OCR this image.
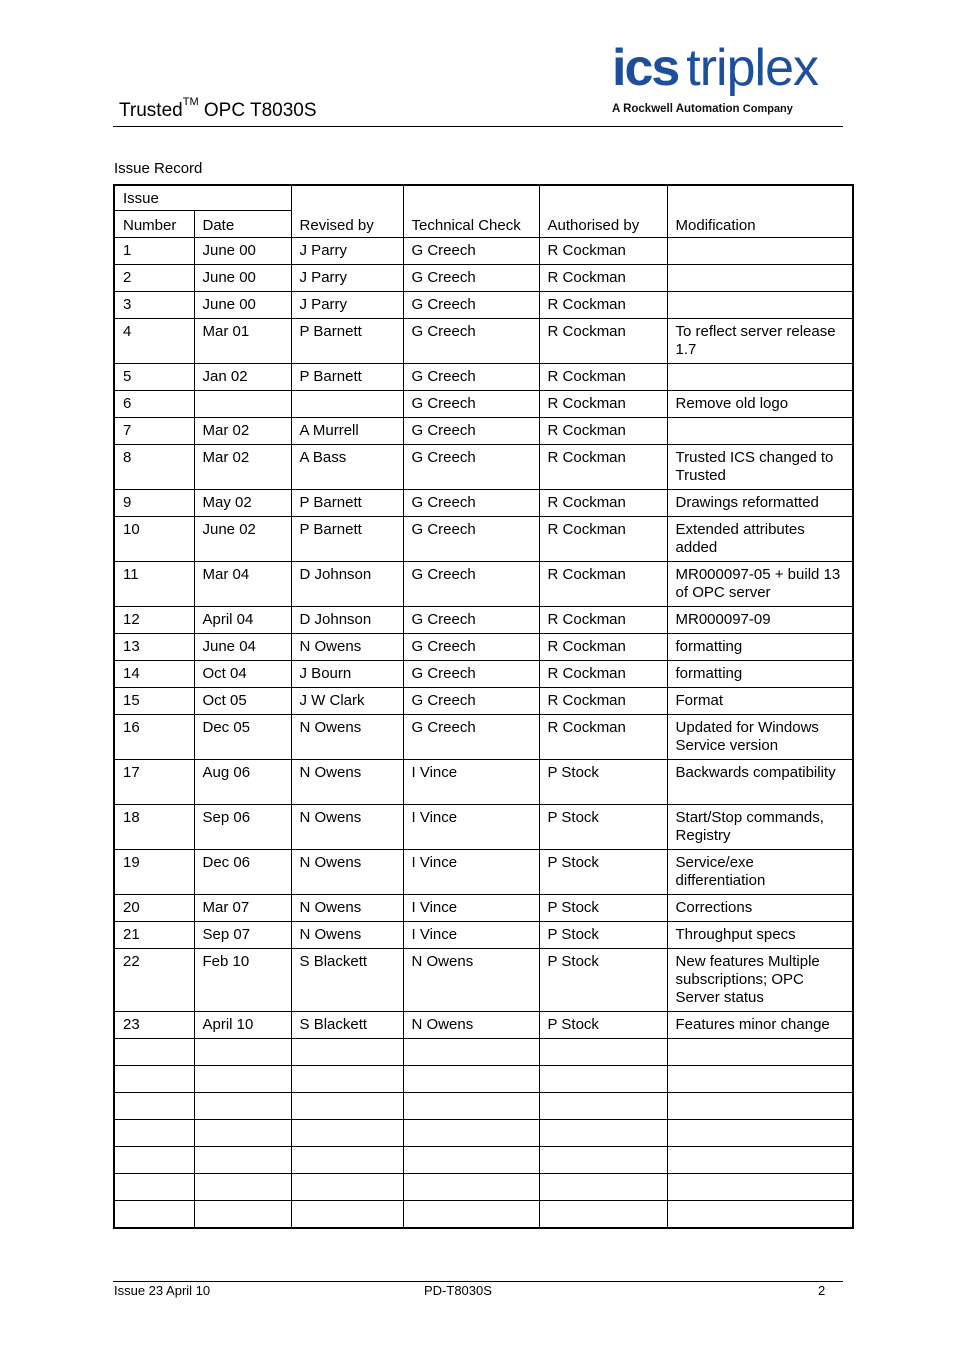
Trusted™ OPC T8030S
ics triplex
A Rockwell Automation Company
Issue Record
Issue		Revised by	Technical Check	Authorised by	Modification
Number	Date				
1	June 00	J Parry	G Creech	R Cockman	
2	June 00	J Parry	G Creech	R Cockman	
3	June 00	J Parry	G Creech	R Cockman	
4	Mar 01	P Barnett	G Creech	R Cockman	To reflect server release 1.7
5	Jan 02	P Barnett	G Creech	R Cockman	
6			G Creech	R Cockman	Remove old logo
7	Mar 02	A Murrell	G Creech	R Cockman	
8	Mar 02	A Bass	G Creech	R Cockman	Trusted ICS changed to Trusted
9	May 02	P Barnett	G Creech	R Cockman	Drawings reformatted
10	June 02	P Barnett	G Creech	R Cockman	Extended attributes added
11	Mar 04	D Johnson	G Creech	R Cockman	MR000097-05 + build 13 of OPC server
12	April 04	D Johnson	G Creech	R Cockman	MR000097-09
13	June 04	N Owens	G Creech	R Cockman	formatting
14	Oct 04	J Bourn	G Creech	R Cockman	formatting
15	Oct 05	J W Clark	G Creech	R Cockman	Format
16	Dec 05	N Owens	G Creech	R Cockman	Updated for Windows Service version
17	Aug 06	N Owens	I Vince	P Stock	Backwards compatibility
18	Sep 06	N Owens	I Vince	P Stock	Start/Stop commands, Registry
19	Dec 06	N Owens	I Vince	P Stock	Service/exe differentiation
20	Mar 07	N Owens	I Vince	P Stock	Corrections
21	Sep 07	N Owens	I Vince	P Stock	Throughput specs
22	Feb 10	S Blackett	N Owens	P Stock	New features Multiple subscriptions; OPC Server status
23	April 10	S Blackett	N Owens	P Stock	Features minor change

Issue 23 April 10	PD-T8030S	2
